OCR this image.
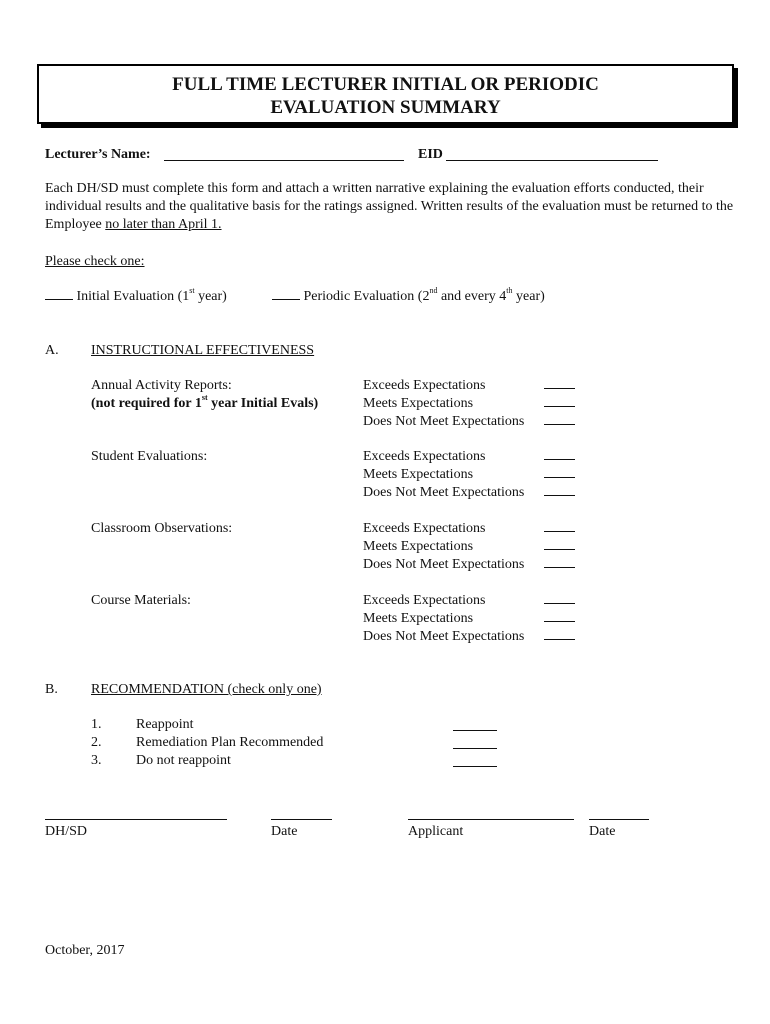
FULL TIME LECTURER INITIAL OR PERIODIC
EVALUATION SUMMARY
Lecturer’s Name:	EID
Each DH/SD must complete this form and attach a written narrative explaining the evaluation efforts conducted, their individual results and the qualitative basis for the ratings assigned. Written results of the evaluation must be returned to the Employee no later than April 1.
Please check one:
Initial Evaluation (1st year)	Periodic Evaluation (2nd and every 4th year)
A. INSTRUCTIONAL EFFECTIVENESS
Annual Activity Reports:
(not required for 1st year Initial Evals)
Exceeds Expectations
Meets Expectations
Does Not Meet Expectations
Student Evaluations:	Exceeds Expectations
Meets Expectations
Does Not Meet Expectations
Classroom Observations:	Exceeds Expectations
Meets Expectations
Does Not Meet Expectations
Course Materials:	Exceeds Expectations
Meets Expectations
Does Not Meet Expectations
B. RECOMMENDATION (check only one)
1. Reappoint
2. Remediation Plan Recommended
3. Do not reappoint
DH/SD	Date	Applicant	Date
October, 2017
